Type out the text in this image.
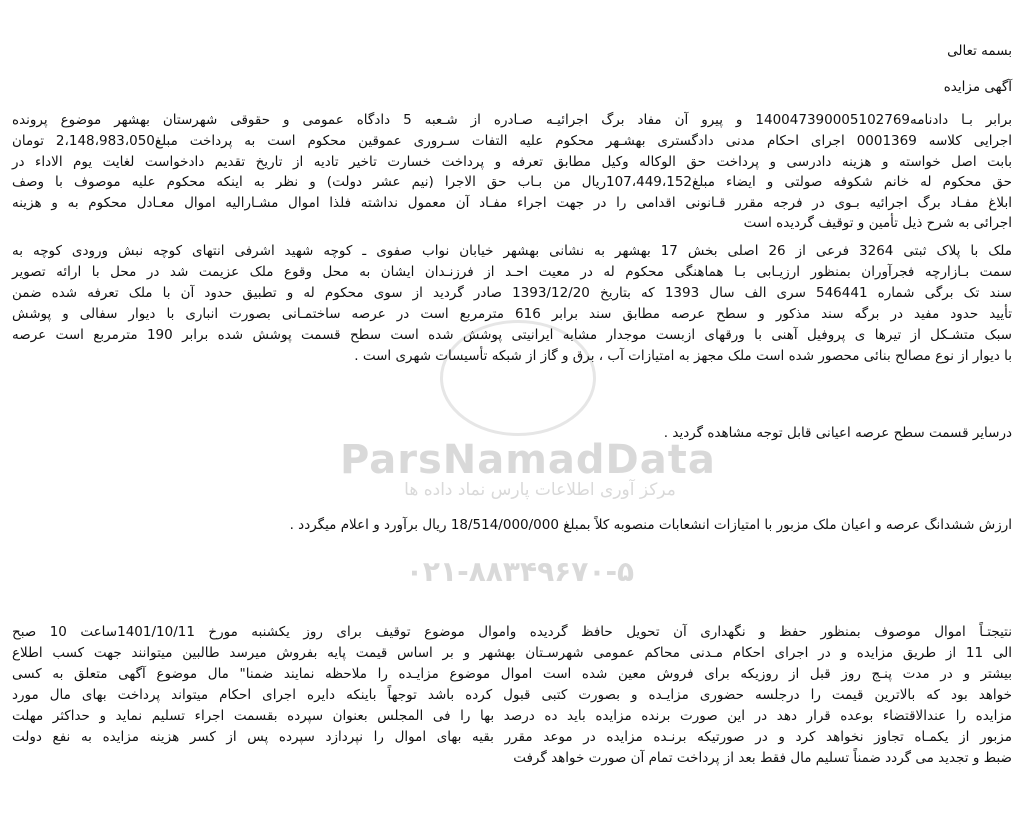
ParsNamadData
مرکز آوری اطلاعات پارس نماد داده ها
۰۲۱-۸۸۳۴۹۶۷۰-۵
بسمه تعالی
آگهی مزایده
برابر بـا دادنامه14004739000510276​9 و پیرو آن مفاد برگ اجرائیـه صـادره از شـعبه 5 دادگاه عمومی و حقوقی شهرستان بهشهر موضوع پرونده
اجرایی کلاسه 0001369 اجرای احکام مدنی دادگستری بهشـهر محکوم علیه التفات سـروری عموقین محکوم است به پرداخت مبلغ2،148،983،050 تومان
بابت اصل خواسته و هزینه دادرسی و پرداخت حق الوکاله وکیل مطابق تعرفه و پرداخت خسارت تاخیر تادیه از تاریخ تقدیم دادخواست لغایت یوم الاداء در
حق محکوم له خانم شکوفه صولتی و ایضاء مبلغ107،449،152ریال من بـاب حق الاجرا (نیم عشر دولت) و نظر به اینکه محکوم علیه موصوف با وصف
ابلاغ مفـاد برگ اجرائیه بـوی در فرجه مقرر قـانونی اقدامی را در جهت اجراء مفـاد آن معمول نداشته فلذا اموال مشـارالیه اموال معـادل محکوم به و هزینه
اجرائی به شرح ذیل تأمین و توقیف گردیده است
ملک با پلاک ثبتی 3264 فرعی از 26 اصلی بخش 17 بهشهر به نشانی بهشهر خیابان نواب صفوی ـ کوچه شهید اشرفی انتهای کوچه نبش ورودی کوچه به
سمت بـازارچه فجرآوران بمنظور ارزیـابی بـا هماهنگی محکوم له در معیت احـد از فرزنـدان ایشان به محل وقوع ملک عزیمت شد در محل با ارائه تصویر
سند تک برگی شماره 546441 سری الف سال 1393 که بتاریخ 1393/12/20 صادر گردید از سوی محکوم له و تطبیق حدود آن با ملک تعرفه شده ضمن
تأیید حدود مفید در برگه سند مذکور و سطح عرصه مطابق سند برابر 616 مترمربع است در عرصه ساختمـانی بصورت انباری با دیوار سفالی و پوشش
سبک متشـکل از تیرها ی پروفیل آهنی با ورقهای ازبست موجدار مشابه ایرانیتی پوشش شده است سطح قسمت پوشش شده برابر 190 مترمربع است عرصه
با دیوار از نوع مصالح بنائی محصور شده است ملک مجهز به امتیازات آب ، برق و گاز از شبکه تأسیسات شهری است .
درسایر قسمت سطح عرصه اعیانی قابل توجه مشاهده گردید .
ارزش ششدانگ عرصه و اعیان ملک مزبور با امتیازات انشعابات منصوبه کلاً بمبلغ 18/514/000/000 ریال برآورد و اعلام میگردد .
نتیجتـاً اموال موصوف بمنظور حفظ و نگهداری آن تحویل حافظ گردیده واموال موضوع توقیف برای روز یکشنبه مورخ 1401/10/11ساعت 10 صبح
الی 11 از طریق مزایده و در اجرای احکام مـدنی محاکم عمومی شهرسـتان بهشهر و بر اساس قیمت پایه بفروش میرسد طالبین میتوانند جهت کسب اطلاع
بیشتر و در مدت پنـج روز قبل از روزیکه برای فروش معین شده است اموال موضوع مزایـده را ملاحظه نمایند ضمنا" مال موضوع آگهی متعلق به کسی
خواهد بود که بالاترین قیمت را درجلسه حضوری مزایـده و بصورت کتبی قبول کرده باشد توجهاً باینکه دایره اجرای احکام میتواند پرداخت بهای مال مورد
مزایده را عندالاقتضاء بوعده قرار دهد در این صورت برنده مزایده باید ده درصد بها را فی المجلس بعنوان سپرده بقسمت اجراء تسلیم نماید و حداکثر مهلت
مزبور از یکمـاه تجاوز نخواهد کرد و در صورتیکه برنـده مزایده در موعد مقرر بقیه بهای اموال را نپردازد سپرده پس از کسر هزینه مزایده به نفع دولت
ضبط و تجدید می گردد ضمناً تسلیم مال فقط بعد از پرداخت تمام آن صورت خواهد گرفت
